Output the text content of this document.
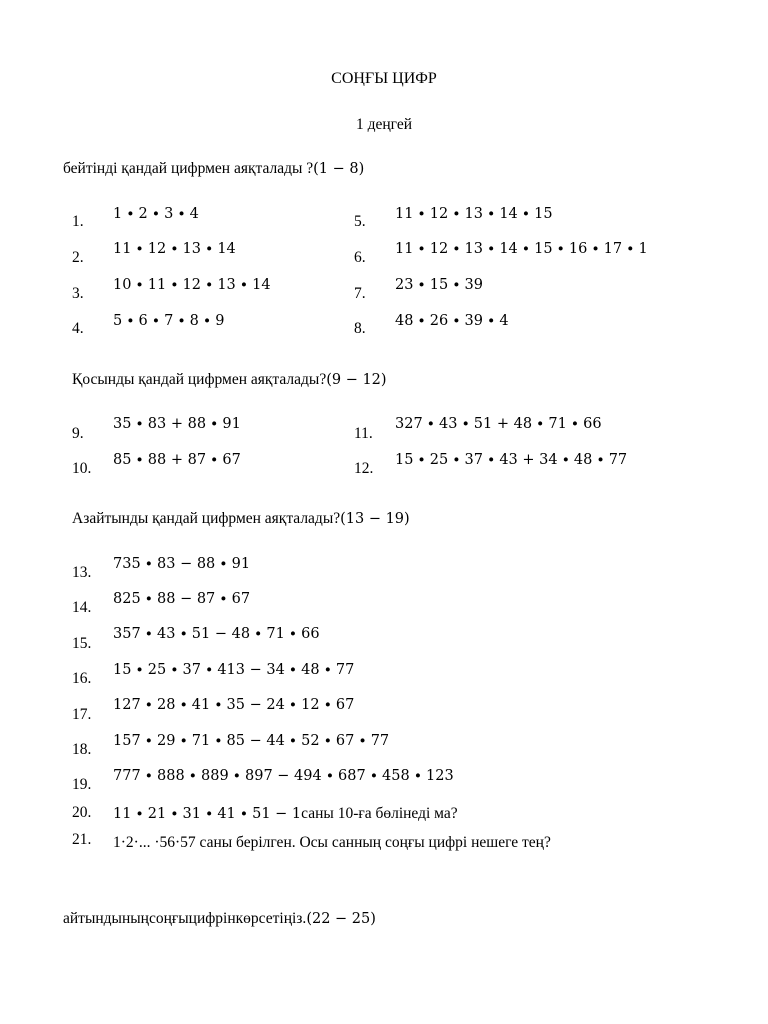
СОҢҒЫ ЦИФР
1 деңгей
бейтінді қандай цифрмен аяқталады ?(1 − 8)
1. 1 ∙ 2 ∙ 3 ∙ 4
2. 11 ∙ 12 ∙ 13 ∙ 14
3. 10 ∙ 11 ∙ 12 ∙ 13 ∙ 14
4. 5 ∙ 6 ∙ 7 ∙ 8 ∙ 9
5. 11 ∙ 12 ∙ 13 ∙ 14 ∙ 15
6. 11 ∙ 12 ∙ 13 ∙ 14 ∙ 15 ∙ 16 ∙ 17 ∙ 1
7. 23 ∙ 15 ∙ 39
8. 48 ∙ 26 ∙ 39 ∙ 4
Қосынды қандай цифрмен аяқталады?(9 − 12)
9.
35 ∙ 83 + 88 ∙ 91
10. 85 ∙ 88 + 87 ∙ 67
11.
327 ∙ 43 ∙ 51 + 48 ∙ 71 ∙ 66
12. 15 ∙ 25 ∙ 37 ∙ 43 + 34 ∙ 48 ∙ 77
Азайтынды қандай цифрмен аяқталады?(13 − 19)
13. 735 ∙ 83 − 88 ∙ 91
14. 825 ∙ 88 − 87 ∙ 67
15.
357 ∙ 43 ∙ 51 − 48 ∙ 71 ∙ 66
16. 15 ∙ 25 ∙ 37 ∙ 413 − 34 ∙ 48 ∙ 77
17.
127 ∙ 28 ∙ 41 ∙ 35 − 24 ∙ 12 ∙ 67
18. 157 ∙ 29 ∙ 71 ∙ 85 − 44 ∙ 52 ∙ 67 ∙ 77
19. 777 ∙ 888 ∙ 889 ∙ 897 − 494 ∙ 687 ∙ 458 ∙ 123
20. 11 ∙ 21 ∙ 31 ∙ 41 ∙ 51 − 1саны 10-ға бөлінеді ма?
21. 1·2·... ·56·57 саны берілген. Осы санның соңғы цифрі нешеге тең?
айтындыныңсоңғыцифрінкөрсетіңіз.(22 − 25)
